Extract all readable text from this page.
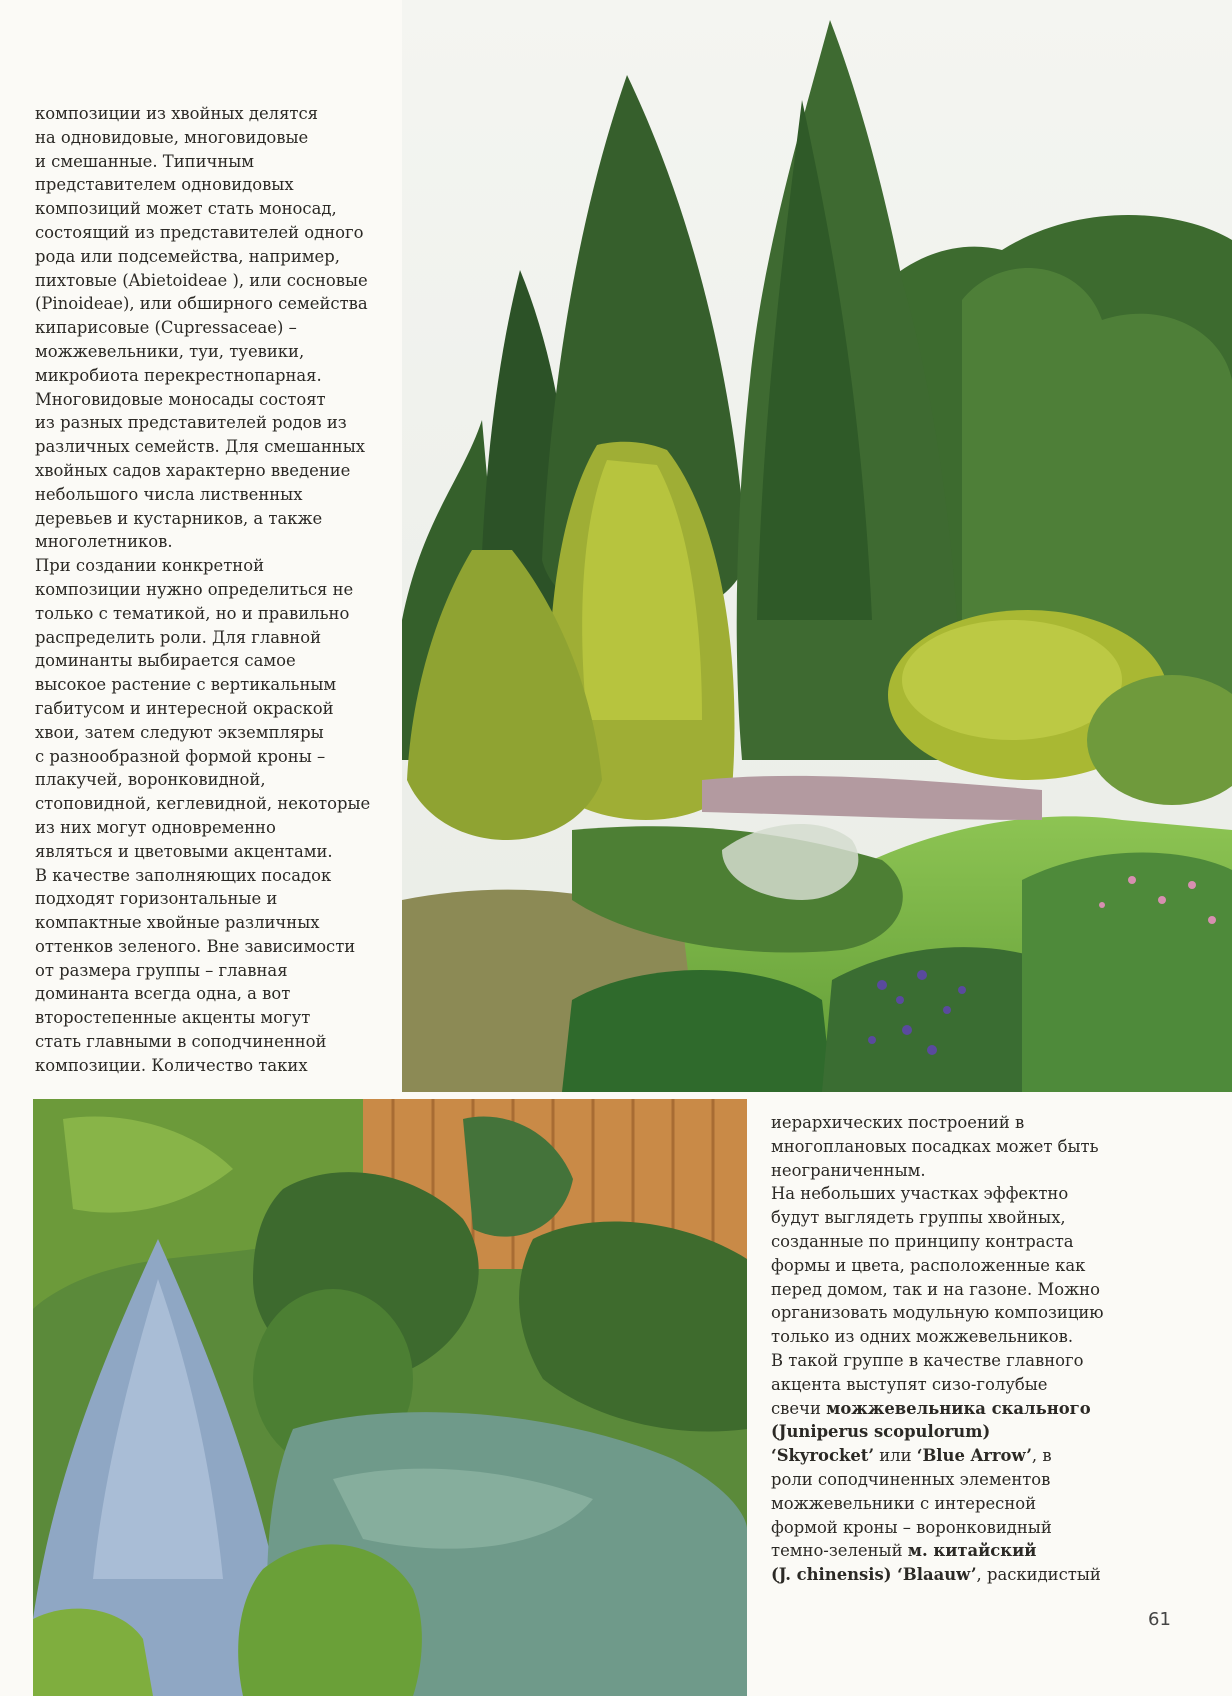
композиции из хвойных делятся
на одновидовые, многовидовые
и смешанные. Типичным
представителем одновидовых
композиций может стать моносад,
состоящий из представителей одного
рода или подсемейства, например,
пихтовые (Abietoideae ), или сосновые
(Pinoideae), или обширного семейства
кипарисовые (Cupressaceae) –
можжевельники, туи, туевики,
микробиота перекрестнопарная.
Многовидовые моносады состоят
из разных представителей родов из
различных семейств. Для смешанных
хвойных садов характерно введение
небольшого числа лиственных
деревьев и кустарников, а также
многолетников.
При создании конкретной
композиции нужно определиться не
только с тематикой, но и правильно
распределить роли. Для главной
доминанты выбирается самое
высокое растение с вертикальным
габитусом и интересной окраской
хвои, затем следуют экземпляры
с разнообразной формой кроны –
плакучей, воронковидной,
стоповидной, кеглевидной, некоторые
из них могут одновременно
являться и цветовыми акцентами.
В качестве заполняющих посадок
подходят горизонтальные и
компактные хвойные различных
оттенков зеленого. Вне зависимости
от размера группы – главная
доминанта всегда одна, а вот
второстепенные акценты могут
стать главными в соподчиненной
композиции. Количество таких

иерархических построений в
многоплановых посадках может быть
неограниченным.
На небольших участках эффектно
будут выглядеть группы хвойных,
созданные по принципу контраста
формы и цвета, расположенные как
перед домом, так и на газоне. Можно
организовать модульную композицию
только из одних можжевельников.
В такой группе в качестве главного
акцента выступят сизо-голубые
свечи можжевельника скального
(Juniperus scopulorum)
‘Skyrocket’ или ‘Blue Arrow’, в
роли соподчиненных элементов
можжевельники с интересной
формой кроны – воронковидный
темно-зеленый м. китайский
(J. chinensis) ‘Blaauw’, раскидистый

61
